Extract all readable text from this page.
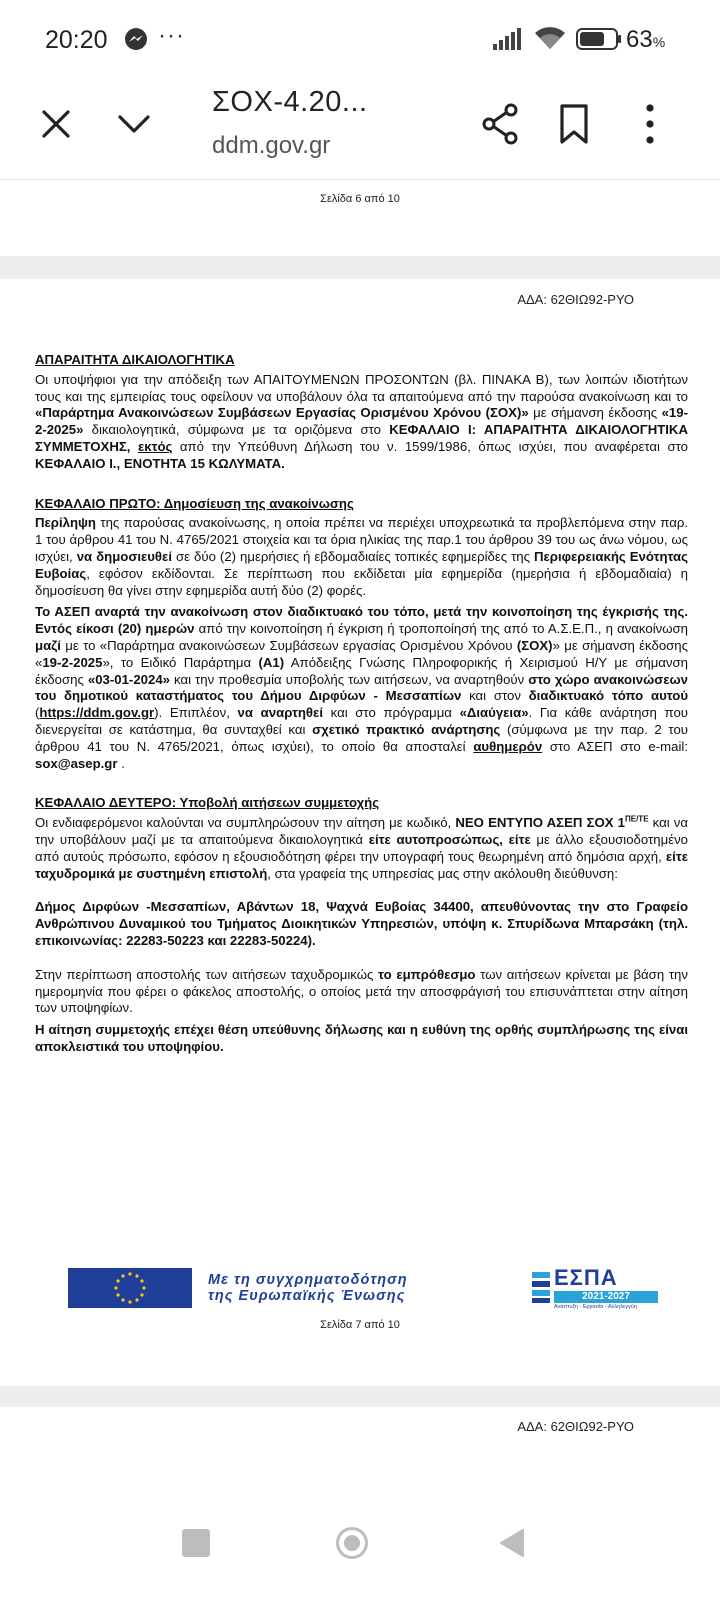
20:20 ···	63%
ΣΟΧ-4.20...
ddm.gov.gr
Σελίδα 6 από 10
ΑΔΑ: 62ΘΙΩ92-ΡΥΟ
ΑΠΑΡΑΙΤΗΤΑ ΔΙΚΑΙΟΛΟΓΗΤΙΚΑ

Οι υποψήφιοι για την απόδειξη των ΑΠΑΙΤΟΥΜΕΝΩΝ ΠΡΟΣΟΝΤΩΝ (βλ. ΠΙΝΑΚΑ Β), των λοιπών ιδιοτήτων τους και της εμπειρίας τους οφείλουν να υποβάλουν όλα τα απαιτούμενα από την παρούσα ανακοίνωση και το «Παράρτημα Ανακοινώσεων Συμβάσεων Εργασίας Ορισμένου Χρόνου (ΣΟΧ)» με σήμανση έκδοσης «19-2-2025» δικαιολογητικά, σύμφωνα με τα οριζόμενα στο ΚΕΦΑΛΑΙΟ Ι: ΑΠΑΡΑΙΤΗΤΑ ΔΙΚΑΙΟΛΟΓΗΤΙΚΑ ΣΥΜΜΕΤΟΧΗΣ, εκτός από την Υπεύθυνη Δήλωση του ν. 1599/1986, όπως ισχύει, που αναφέρεται στο ΚΕΦΑΛΑΙΟ Ι., ΕΝΟΤΗΤΑ 15 ΚΩΛΥΜΑΤΑ.

ΚΕΦΑΛΑΙΟ ΠΡΩΤΟ: Δημοσίευση της ανακοίνωσης

Περίληψη της παρούσας ανακοίνωσης, η οποία πρέπει να περιέχει υποχρεωτικά τα προβλεπόμενα στην παρ. 1 του άρθρου 41 του Ν. 4765/2021 στοιχεία και τα όρια ηλικίας της παρ.1 του άρθρου 39 του ως άνω νόμου, ως ισχύει, να δημοσιευθεί σε δύο (2) ημερήσιες ή εβδομαδιαίες τοπικές εφημερίδες της Περιφερειακής Ενότητας Ευβοίας, εφόσον εκδίδονται. Σε περίπτωση που εκδίδεται μία εφημερίδα (ημερήσια ή εβδομαδιαία) η δημοσίευση θα γίνει στην εφημερίδα αυτή δύο (2) φορές.

Το ΑΣΕΠ αναρτά την ανακοίνωση στον διαδικτυακό του τόπο, μετά την κοινοποίηση της έγκρισής της. Εντός είκοσι (20) ημερών από την κοινοποίηση ή έγκριση ή τροποποίησή της από το Α.Σ.Ε.Π., η ανακοίνωση μαζί με το «Παράρτημα ανακοινώσεων Συμβάσεων εργασίας Ορισμένου Χρόνου (ΣΟΧ)» με σήμανση έκδοσης «19-2-2025», το Ειδικό Παράρτημα (Α1) Απόδειξης Γνώσης Πληροφορικής ή Χειρισμού Η/Υ με σήμανση έκδοσης «03-01-2024» και την προθεσμία υποβολής των αιτήσεων, να αναρτηθούν στο χώρο ανακοινώσεων του δημοτικού καταστήματος του Δήμου Διρφύων - Μεσσαπίων και στον διαδικτυακό τόπο αυτού (https://ddm.gov.gr). Επιπλέον, να αναρτηθεί και στο πρόγραμμα «Διαύγεια». Για κάθε ανάρτηση που διενεργείται σε κατάστημα, θα συνταχθεί και σχετικό πρακτικό ανάρτησης (σύμφωνα με την παρ. 2 του άρθρου 41 του Ν. 4765/2021, όπως ισχύει), το οποίο θα αποσταλεί αυθημερόν στο ΑΣΕΠ στο e-mail: sox@asep.gr .

ΚΕΦΑΛΑΙΟ ΔΕΥΤΕΡΟ: Υποβολή αιτήσεων συμμετοχής

Οι ενδιαφερόμενοι καλούνται να συμπληρώσουν την αίτηση με κωδικό, ΝΕΟ ΕΝΤΥΠΟ ΑΣΕΠ ΣΟΧ $1^{\Pi E/TE}$ και να την υποβάλουν μαζί με τα απαιτούμενα δικαιολογητικά είτε αυτοπροσώπως, είτε με άλλο εξουσιοδοτημένο από αυτούς πρόσωπο, εφόσον η εξουσιοδότηση φέρει την υπογραφή τους θεωρημένη από δημόσια αρχή, είτε ταχυδρομικά με συστημένη επιστολή, στα γραφεία της υπηρεσίας μας στην ακόλουθη διεύθυνση:

Δήμος Διρφύων -Μεσσαπίων, Αβάντων 18, Ψαχνά Ευβοίας 34400, απευθύνοντας την στο Γραφείο Ανθρώπινου Δυναμικού του Τμήματος Διοικητικών Υπηρεσιών, υπόψη κ. Σπυρίδωνα Μπαρσάκη (τηλ. επικοινωνίας: 22283-50223 και 22283-50224).

Στην περίπτωση αποστολής των αιτήσεων ταχυδρομικώς το εμπρόθεσμο των αιτήσεων κρίνεται με βάση την ημερομηνία που φέρει ο φάκελος αποστολής, ο οποίος μετά την αποσφράγισή του επισυνάπτεται στην αίτηση των υποψηφίων.

Η αίτηση συμμετοχής επέχει θέση υπεύθυνης δήλωσης και η ευθύνη της ορθής συμπλήρωσης της είναι αποκλειστικά του υποψηφίου.

Με τη συγχρηματοδότηση
της Ευρωπαϊκής Ένωσης
ΕΣΠΑ
2021-2027
Ανάπτυξη - Εργασία - Αλληλεγγύη
Σελίδα 7 από 10
ΑΔΑ: 62ΘΙΩ92-ΡΥΟ
